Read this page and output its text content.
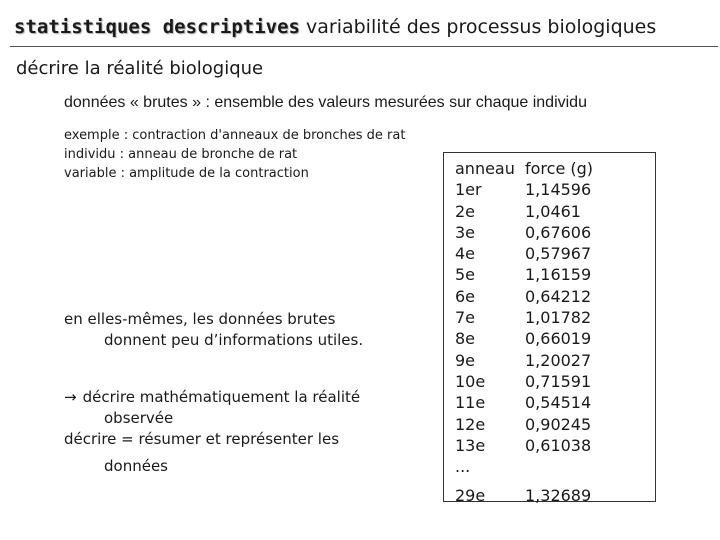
statistiques descriptives variabilité des processus biologiques
décrire la réalité biologique
données « brutes » : ensemble des valeurs mesurées sur chaque individu
exemple : contraction d'anneaux de bronches de rat
individu : anneau de bronche de rat
variable : amplitude de la contraction
en elles-mêmes, les données brutes
donnent peu d’informations utiles.
→ décrire mathématiquement la réalité
observée
décrire = résumer et représenter les
données
anneau	force (g)
1er	1,14596
2e	1,0461
3e	0,67606
4e	0,57967
5e	1,16159
6e	0,64212
7e	1,01782
8e	0,66019
9e	1,20027
10e	0,71591
11e	0,54514
12e	0,90245
13e	0,61038
...	

29e	1,32689
